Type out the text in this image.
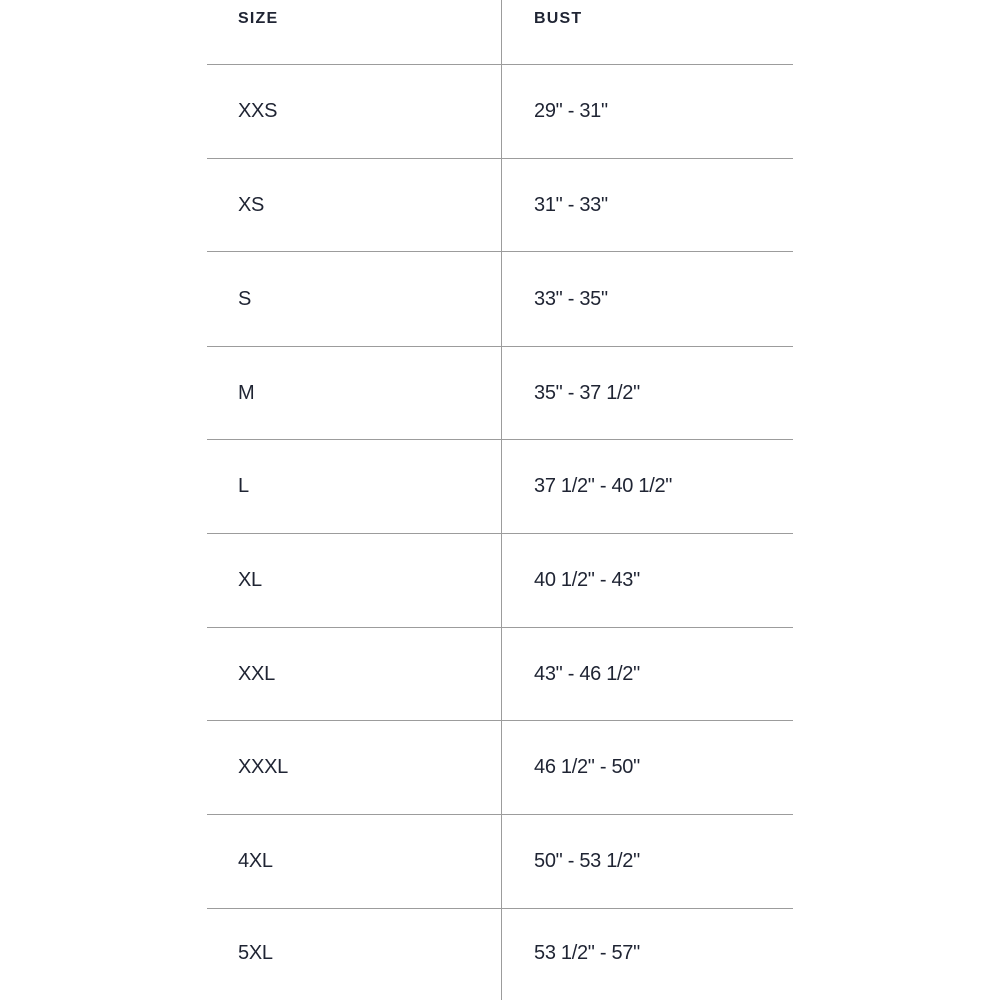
SIZE	BUST
XXS	29" - 31"
XS	31" - 33"
S	33" - 35"
M	35" - 37 1/2"
L	37 1/2" - 40 1/2"
XL	40 1/2" - 43"
XXL	43" - 46 1/2"
XXXL	46 1/2" - 50"
4XL	50" - 53 1/2"
5XL	53 1/2" - 57"
